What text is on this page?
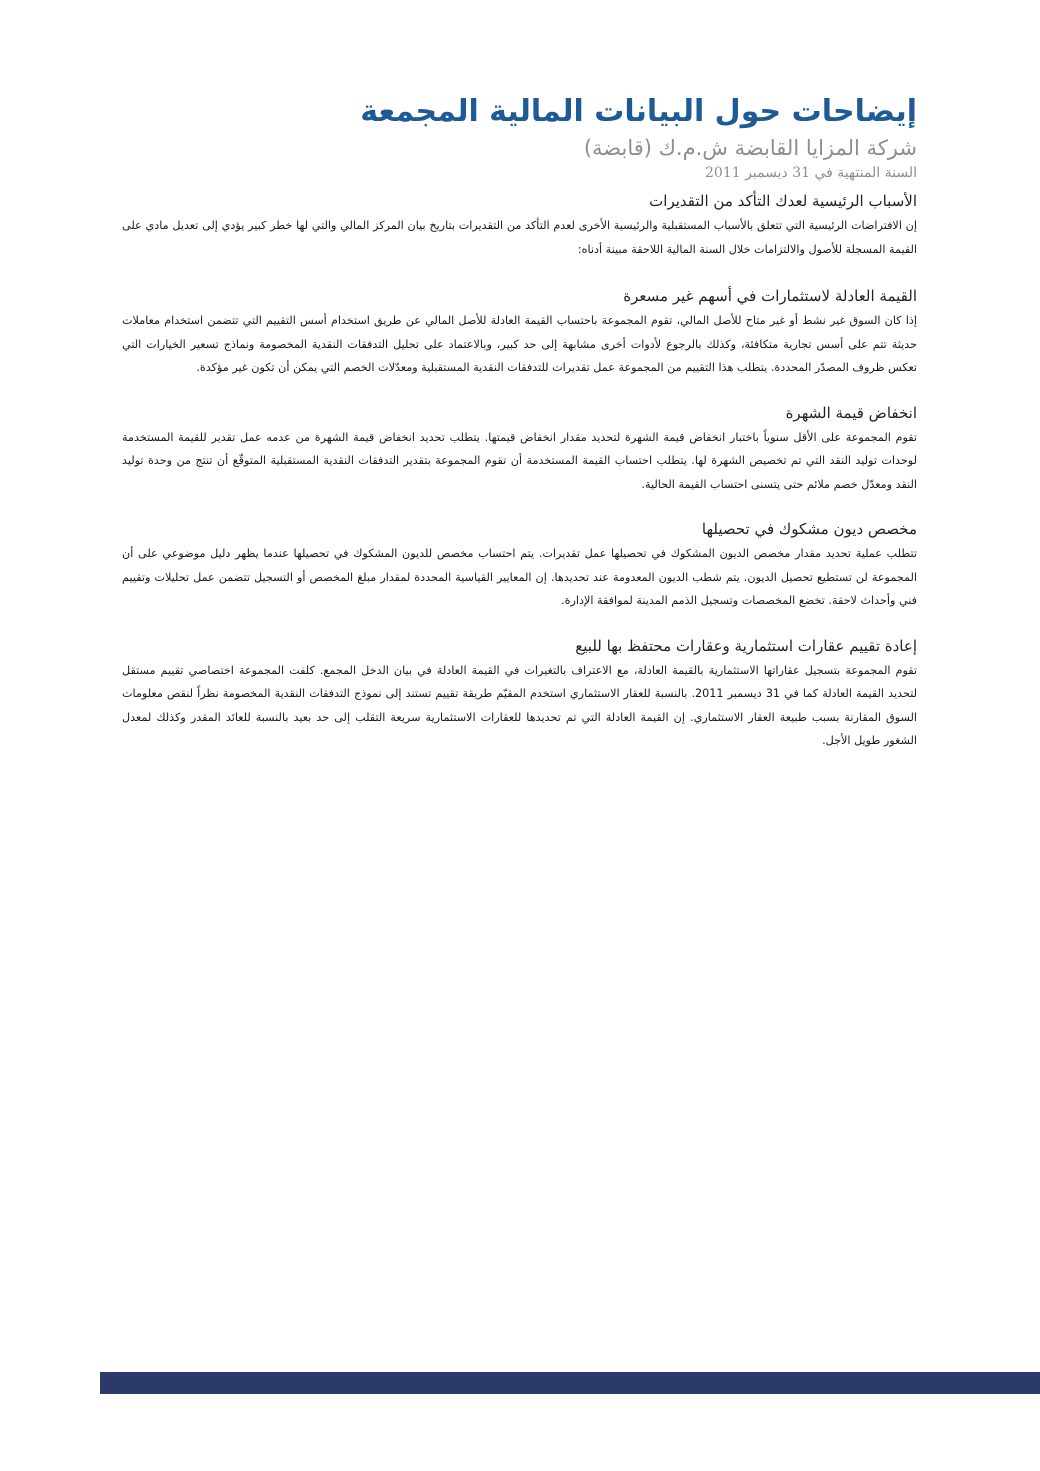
إيضاحات حول البيانات المالية المجمعة
شركة المزايا القابضة ش.م.ك (قابضة)
السنة المنتهية في 31 ديسمبر 2011
الأسباب الرئيسية لعدك التأكد من التقديرات

إن الافتراضات الرئيسية التي تتعلق بالأسباب المستقبلية والرئيسية الأخرى لعدم التأكد من التقديرات بتاريخ بيان المركز المالي والتي لها خطر كبير يؤدي إلى تعديل مادي على القيمة المسجلة للأصول والالتزامات خلال السنة المالية اللاحقة مبينة أدناه:

القيمة العادلة لاستثمارات في أسهم غير مسعرة

إذا كان السوق غير نشط أو غير متاح للأصل المالي، تقوم المجموعة باحتساب القيمة العادلة للأصل المالي عن طريق استخدام أسس التقييم التي تتضمن استخدام معاملات حديثة تتم على أسس تجارية متكافئة، وكذلك بالرجوع لأدوات أخرى مشابهة إلى حد كبير، وبالاعتماد على تحليل التدفقات النقدية المخصومة ونماذج تسعير الخيارات التي تعكس ظروف المصدّر المحددة. يتطلب هذا التقييم من المجموعة عمل تقديرات للتدفقات النقدية المستقبلية ومعدّلات الخصم التي يمكن أن تكون غير مؤكدة.

انخفاض قيمة الشهرة

تقوم المجموعة على الأقل سنوياً باختبار انخفاض قيمة الشهرة لتحديد مقدار انخفاض قيمتها. يتطلب تحديد انخفاض قيمة الشهرة من عدمه عمل تقدير للقيمة المستخدمة لوحدات توليد النقد التي تم تخصيص الشهرة لها. يتطلب احتساب القيمة المستخدمة أن تقوم المجموعة بتقدير التدفقات النقدية المستقبلية المتوقّع أن تنتج من وحدة توليد النقد ومعدّل خصم ملائم حتى يتسنى احتساب القيمة الحالية.

مخصص ديون مشكوك في تحصيلها

تتطلب عملية تحديد مقدار مخصص الديون المشكوك في تحصيلها عمل تقديرات. يتم احتساب مخصص للديون المشكوك في تحصيلها عندما يظهر دليل موضوعي على أن المجموعة لن تستطيع تحصيل الديون. يتم شطب الديون المعدومة عند تحديدها. إن المعايير القياسية المحددة لمقدار مبلغ المخصص أو التسجيل تتضمن عمل تحليلات وتقييم فني وأحداث لاحقة. تخضع المخصصات وتسجيل الذمم المدينة لموافقة الإدارة.

إعادة تقييم عقارات استثمارية وعقارات محتفظ بها للبيع

تقوم المجموعة بتسجيل عقاراتها الاستثمارية بالقيمة العادلة، مع الاعتراف بالتغيرات في القيمة العادلة في بيان الدخل المجمع. كلفت المجموعة اختصاصي تقييم مستقل لتحديد القيمة العادلة كما في 31 ديسمبر 2011. بالنسبة للعقار الاستثماري استخدم المقيّم طريقة تقييم تستند إلى نموذج التدفقات النقدية المخصومة نظراً لنقص معلومات السوق المقارنة بسبب طبيعة العقار الاستثماري. إن القيمة العادلة التي تم تحديدها للعقارات الاستثمارية سريعة التقلب إلى حد بعيد بالنسبة للعائد المقدر وكذلك لمعدل الشغور طويل الأجل.
